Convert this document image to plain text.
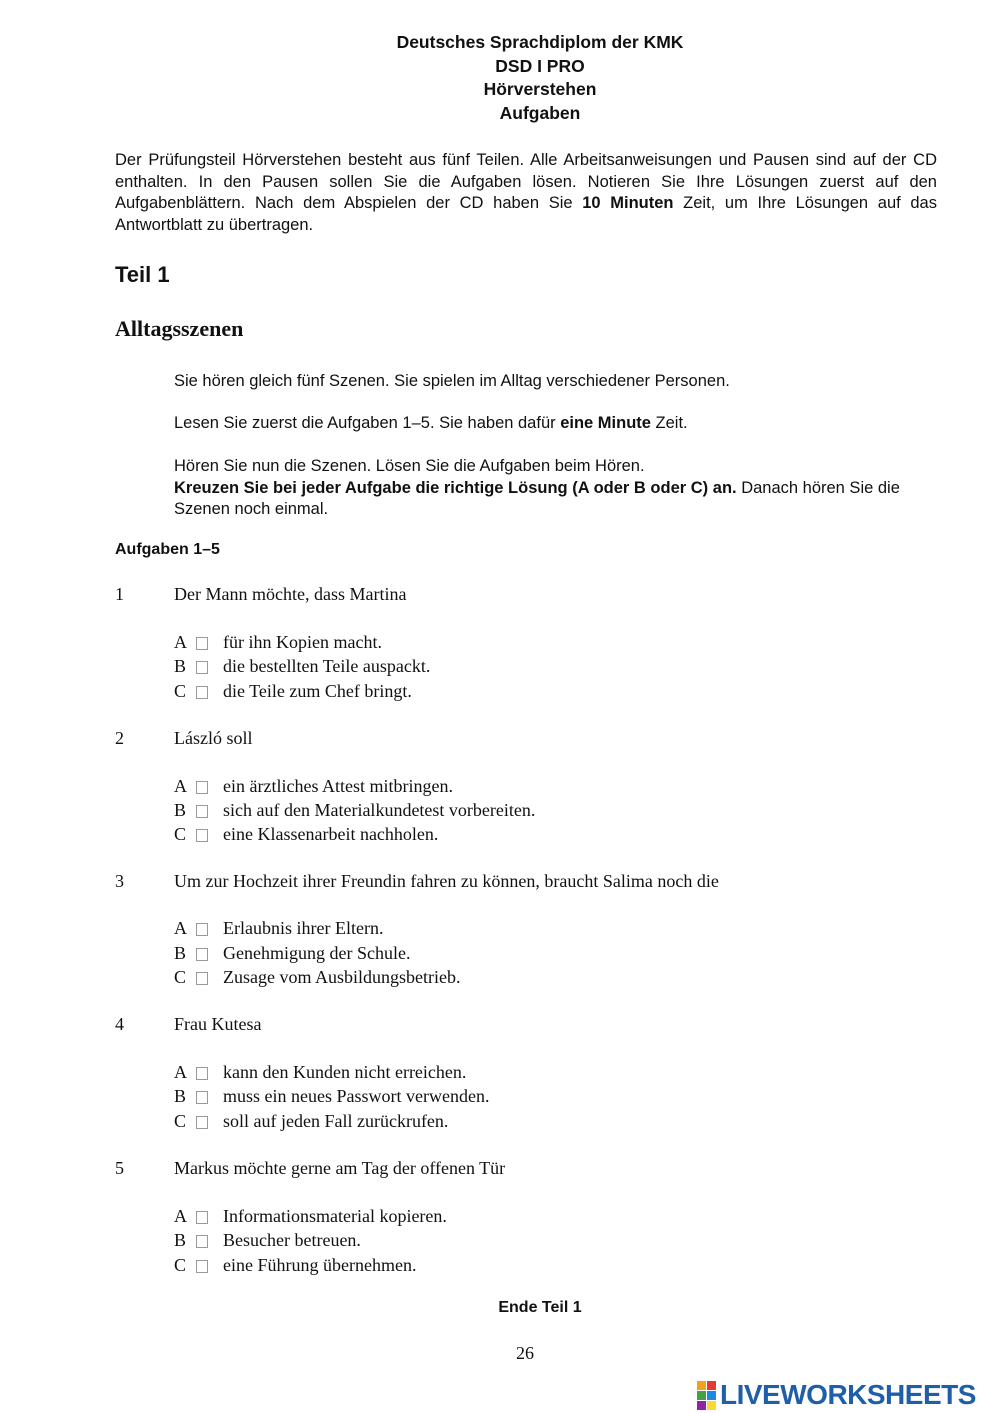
Deutsches Sprachdiplom der KMK
DSD I PRO
Hörverstehen
Aufgaben
Der Prüfungsteil Hörverstehen besteht aus fünf Teilen. Alle Arbeitsanweisungen und Pausen sind auf der CD enthalten. In den Pausen sollen Sie die Aufgaben lösen. Notieren Sie Ihre Lösungen zuerst auf den Aufgabenblättern. Nach dem Abspielen der CD haben Sie 10 Minuten Zeit, um Ihre Lösungen auf das Antwortblatt zu übertragen.
Teil 1
Alltagsszenen
Sie hören gleich fünf Szenen. Sie spielen im Alltag verschiedener Personen.
Lesen Sie zuerst die Aufgaben 1–5. Sie haben dafür eine Minute Zeit.
Hören Sie nun die Szenen. Lösen Sie die Aufgaben beim Hören.
Kreuzen Sie bei jeder Aufgabe die richtige Lösung (A oder B oder C) an. Danach hören Sie die Szenen noch einmal.
Aufgaben 1–5
1	Der Mann möchte, dass Martina
A	für ihn Kopien macht.
B	die bestellten Teile auspackt.
C	die Teile zum Chef bringt.
2	László soll
A	ein ärztliches Attest mitbringen.
B	sich auf den Materialkundetest vorbereiten.
C	eine Klassenarbeit nachholen.
3	Um zur Hochzeit ihrer Freundin fahren zu können, braucht Salima noch die
A	Erlaubnis ihrer Eltern.
B	Genehmigung der Schule.
C	Zusage vom Ausbildungsbetrieb.
4	Frau Kutesa
A	kann den Kunden nicht erreichen.
B	muss ein neues Passwort verwenden.
C	soll auf jeden Fall zurückrufen.
5	Markus möchte gerne am Tag der offenen Tür
A	Informationsmaterial kopieren.
B	Besucher betreuen.
C	eine Führung übernehmen.
Ende Teil 1
26
LIVEWORKSHEETS
